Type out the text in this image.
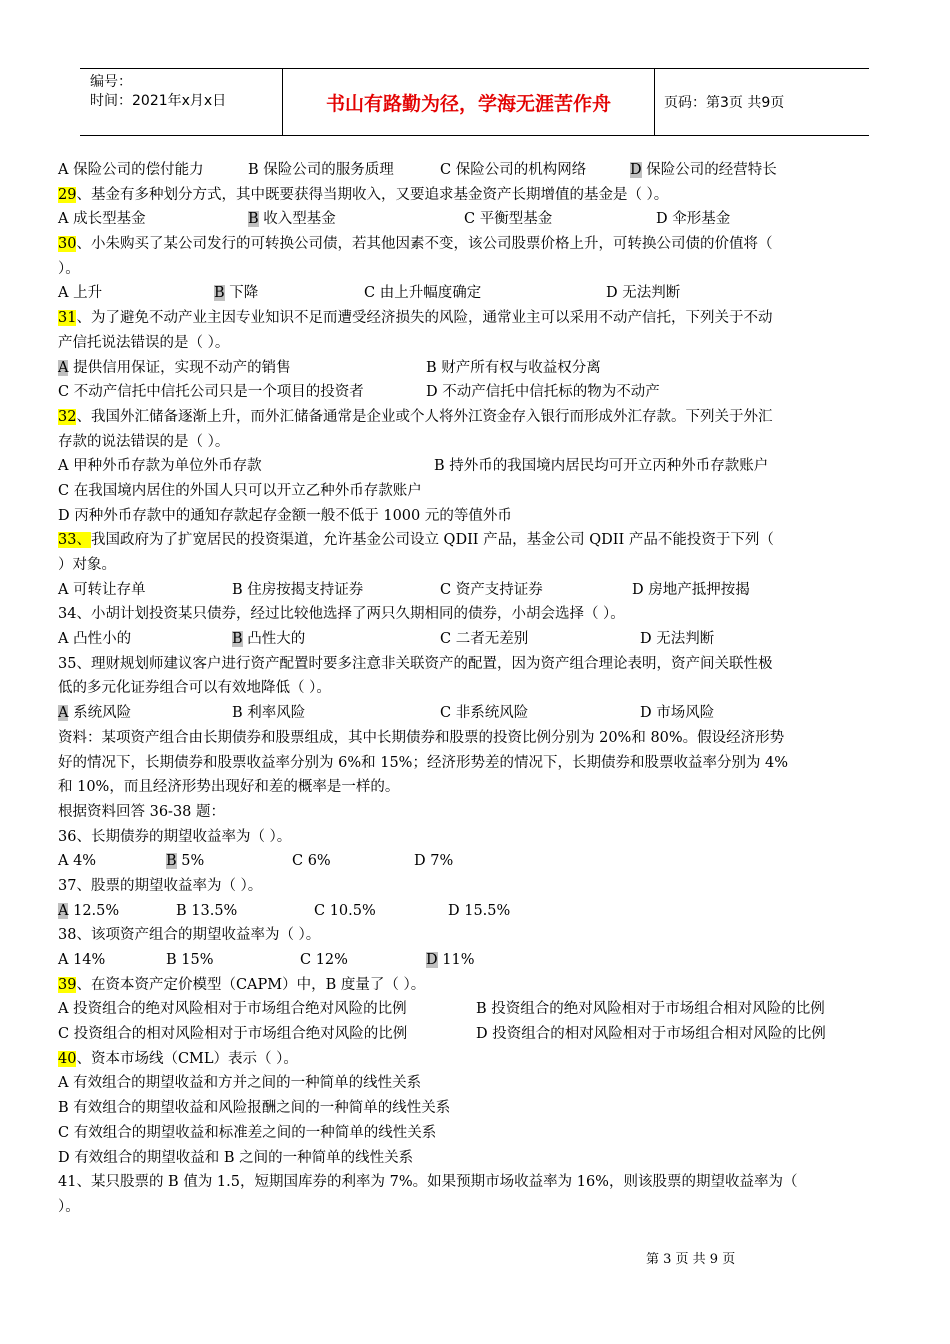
编号：
时间：2021年x月x日	书山有路勤为径，学海无涯苦作舟	页码：第3页 共9页
A 保险公司的偿付能力	B 保险公司的服务质理	C 保险公司的机构网络	D 保险公司的经营特长
29、基金有多种划分方式，其中既要获得当期收入，又要追求基金资产长期增值的基金是（ ）。
A 成长型基金	B 收入型基金	C 平衡型基金	D 伞形基金
30、小朱购买了某公司发行的可转换公司债，若其他因素不变，该公司股票价格上升，可转换公司债的价值将（
）。
A 上升	B 下降	C 由上升幅度确定	D 无法判断
31、为了避免不动产业主因专业知识不足而遭受经济损失的风险，通常业主可以采用不动产信托，下列关于不动
产信托说法错误的是（ ）。
A 提供信用保证，实现不动产的销售	B 财产所有权与收益权分离
C 不动产信托中信托公司只是一个项目的投资者	D 不动产信托中信托标的物为不动产
32、我国外汇储备逐渐上升，而外汇储备通常是企业或个人将外江资金存入银行而形成外汇存款。下列关于外汇
存款的说法错误的是（ ）。
A 甲种外币存款为单位外币存款	B 持外币的我国境内居民均可开立丙种外币存款账户
C 在我国境内居住的外国人只可以开立乙种外币存款账户
D 丙种外币存款中的通知存款起存金额一般不低于 1000 元的等值外币
33、我国政府为了扩宽居民的投资渠道，允许基金公司设立 QDII 产品，基金公司 QDII 产品不能投资于下列（
）对象。
A 可转让存单	B 住房按揭支持证券	C 资产支持证券	D 房地产抵押按揭
34、小胡计划投资某只债券，经过比较他选择了两只久期相同的债券，小胡会选择（ ）。
A 凸性小的	B 凸性大的	C 二者无差别	D 无法判断
35、理财规划师建议客户进行资产配置时要多注意非关联资产的配置，因为资产组合理论表明，资产间关联性极
低的多元化证券组合可以有效地降低（ ）。
A 系统风险	B 利率风险	C 非系统风险	D 市场风险
资料：某项资产组合由长期债券和股票组成，其中长期债券和股票的投资比例分别为 20%和 80%。假设经济形势
好的情况下，长期债券和股票收益率分别为 6%和 15%；经济形势差的情况下，长期债券和股票收益率分别为 4%
和 10%，而且经济形势出现好和差的概率是一样的。
根据资料回答 36-38 题：
36、长期债券的期望收益率为（ ）。
A 4%	B 5%	C 6%	D 7%
37、股票的期望收益率为（ ）。
A 12.5%	B 13.5%	C 10.5%	D 15.5%
38、该项资产组合的期望收益率为（ ）。
A 14%	B 15%	C 12%	D 11%
39、在资本资产定价模型（CAPM）中，Β 度量了（ ）。
A 投资组合的绝对风险相对于市场组合绝对风险的比例	B 投资组合的绝对风险相对于市场组合相对风险的比例
C 投资组合的相对风险相对于市场组合绝对风险的比例	D 投资组合的相对风险相对于市场组合相对风险的比例
40、资本市场线（CML）表示（ ）。
A 有效组合的期望收益和方并之间的一种简单的线性关系
B 有效组合的期望收益和风险报酬之间的一种简单的线性关系
C 有效组合的期望收益和标准差之间的一种简单的线性关系
D 有效组合的期望收益和 Β 之间的一种简单的线性关系
41、某只股票的 Β 值为 1.5，短期国库券的利率为 7%。如果预期市场收益率为 16%，则该股票的期望收益率为（
）。
第 3 页 共 9 页
